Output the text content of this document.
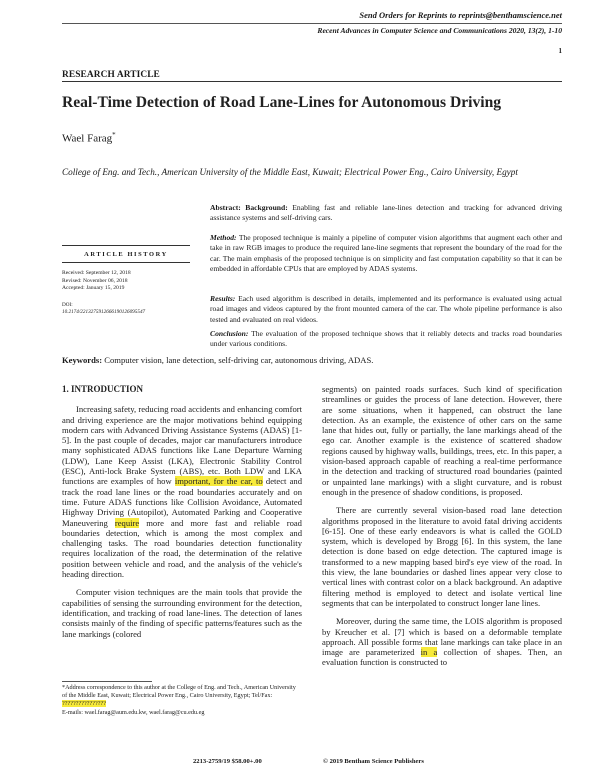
Send Orders for Reprints to reprints@benthamscience.net
Recent Advances in Computer Science and Communications 2020, 13(2), 1-10
1
RESEARCH ARTICLE
Real-Time Detection of Road Lane-Lines for Autonomous Driving
Wael Farag*
College of Eng. and Tech., American University of the Middle East, Kuwait; Electrical Power Eng., Cairo University, Egypt
ARTICLE HISTORY
Received: September 12, 2018
Revised: November 06, 2018
Accepted: January 15, 2019
DOI:
10.2174/2213275912666190126095547
Abstract: Background: Enabling fast and reliable lane-lines detection and tracking for advanced driving assistance systems and self-driving cars.
Method: The proposed technique is mainly a pipeline of computer vision algorithms that augment each other and take in raw RGB images to produce the required lane-line segments that represent the boundary of the road for the car. The main emphasis of the proposed technique is on simplicity and fast computation capability so that it can be embedded in affordable CPUs that are employed by ADAS systems.
Results: Each used algorithm is described in details, implemented and its performance is evaluated using actual road images and videos captured by the front mounted camera of the car. The whole pipeline performance is also tested and evaluated on real videos.
Conclusion: The evaluation of the proposed technique shows that it reliably detects and tracks road boundaries under various conditions.
Keywords: Computer vision, lane detection, self-driving car, autonomous driving, ADAS.
1. INTRODUCTION

Increasing safety, reducing road accidents and enhancing comfort and driving experience are the major motivations behind equipping modern cars with Advanced Driving Assistance Systems (ADAS) [1-5]. In the past couple of decades, major car manufacturers introduce many sophisticated ADAS functions like Lane Departure Warning (LDW), Lane Keep Assist (LKA), Electronic Stability Control (ESC), Anti-lock Brake System (ABS), etc. Both LDW and LKA functions are examples of how important, for the car, to detect and track the road lane lines or the road boundaries accurately and on time. Future ADAS functions like Collision Avoidance, Automated Highway Driving (Autopilot), Automated Parking and Cooperative Maneuvering require more and more fast and reliable road boundaries detection, which is among the most complex and challenging tasks. The road boundaries detection functionality requires localization of the road, the determination of the relative position between vehicle and road, and the analysis of the vehicle's heading direction.

Computer vision techniques are the main tools that provide the capabilities of sensing the surrounding environment for the detection, identification, and tracking of road lane-lines. The detection of lanes consists mainly of the finding of specific patterns/features such as the lane markings (colored

segments) on painted roads surfaces. Such kind of specification streamlines or guides the process of lane detection. However, there are some situations, when it happened, can obstruct the lane detection. As an example, the existence of other cars on the same lane that hides out, fully or partially, the lane markings ahead of the ego car. Another example is the existence of scattered shadow regions caused by highway walls, buildings, trees, etc. In this paper, a vision-based approach capable of reaching a real-time performance in the detection and tracking of structured road boundaries (painted or unpainted lane markings) with a slight curvature, and is robust enough in the presence of shadow conditions, is proposed.

There are currently several vision-based road lane detection algorithms proposed in the literature to avoid fatal driving accidents [6-15]. One of these early endeavors is what is called the GOLD system, which is developed by Brogg [6]. In this system, the lane detection is done based on edge detection. The captured image is transformed to a new mapping based bird's eye view of the road. In this view, the lane boundaries or dashed lines appear very close to vertical lines with contrast color on a black background. An adaptive filtering method is employed to detect and isolate vertical line segments that can be interpolated to construct longer lane lines.

Moreover, during the same time, the LOIS algorithm is proposed by Kreucher et al. [7] which is based on a deformable template approach. All possible forms that lane markings can take place in an image are parameterized in a collection of shapes. Then, an evaluation function is constructed to

*Address correspondence to this author at the College of Eng. and Tech., American University of the Middle East, Kuwait; Electrical Power Eng., Cairo University, Egypt; Tel/Fax: ????????????????
E-mails: wael.farag@aum.edu.kw, wael.farag@cu.edu.eg
2213-2759/19 $58.00+.00	© 2019 Bentham Science Publishers
